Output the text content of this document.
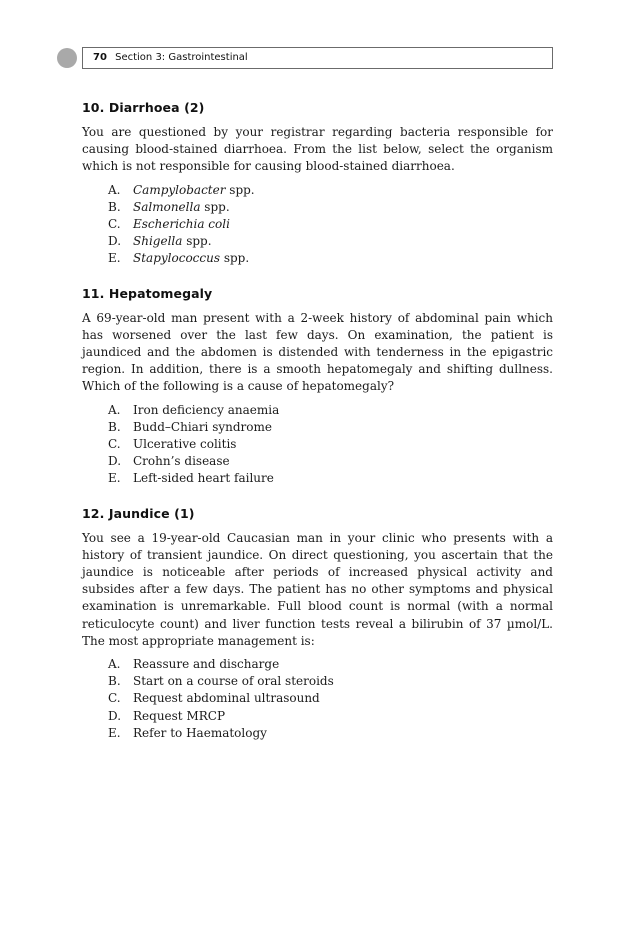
70 Section 3: Gastrointestinal
10. Diarrhoea (2)

You are questioned by your registrar regarding bacteria responsible for causing blood-stained diarrhoea. From the list below, select the organism which is not responsible for causing blood-stained diarrhoea.

A.	Campylobacter spp.
B.	Salmonella spp.
C.	Escherichia coli
D. Shigella spp.
E.	Stapylococcus spp.
11. Hepatomegaly

A 69-year-old man present with a 2-week history of abdominal pain which has worsened over the last few days. On examination, the patient is jaundiced and the abdomen is distended with tenderness in the epigastric region. In addition, there is a smooth hepatomegaly and shifting dullness. Which of the following is a cause of hepatomegaly?

A.	Iron deficiency anaemia
B.	Budd–Chiari syndrome
C.	Ulcerative colitis
D. Crohn’s disease
E.	Left-sided heart failure
12. Jaundice (1)

You see a 19-year-old Caucasian man in your clinic who presents with a history of transient jaundice. On direct questioning, you ascertain that the jaundice is noticeable after periods of increased physical activity and subsides after a few days. The patient has no other symptoms and physical examination is unremarkable. Full blood count is normal (with a normal reticulocyte count) and liver function tests reveal a bilirubin of 37 µmol/L. The most appropriate management is:

A.	Reassure and discharge
B.	Start on a course of oral steroids
C.	Request abdominal ultrasound
D. Request MRCP
E.	Refer to Haematology
